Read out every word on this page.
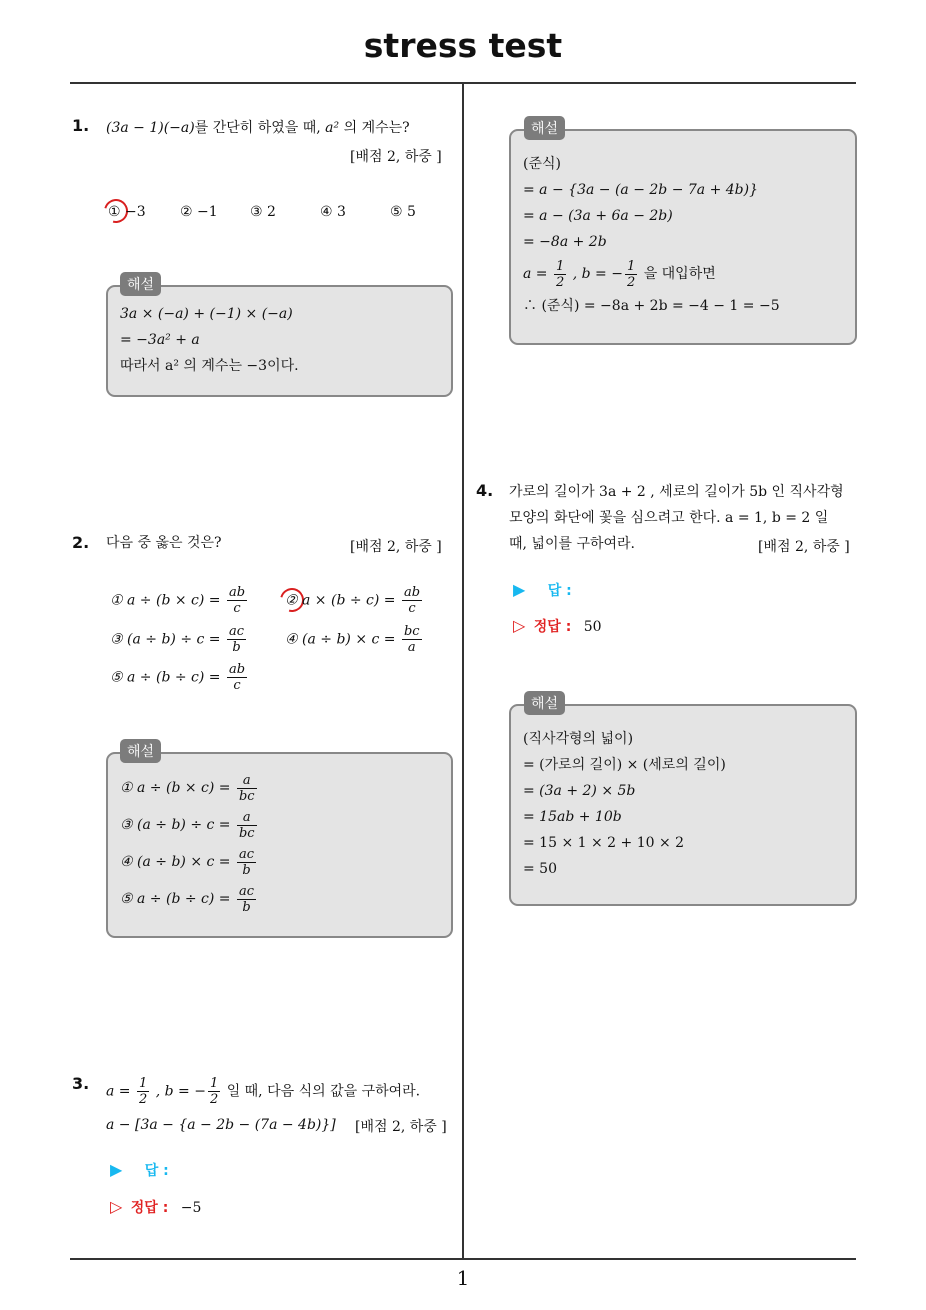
stress test
1
1. (3a − 1)(−a)를 간단히 하였을 때, a² 의 계수는?
[배점 2, 하중 ]
① −3 ② −1 ③ 2	④ 3	⑤ 5
3a × (−a) + (−1) × (−a)
= −3a² + a
따라서 a² 의 계수는 −3이다.
해설
2. 다음 중 옳은 것은?	[배점 2, 하중 ]
① $a \div (b \times c) = \frac{ab}{c}$	② $a \times (b \div c) = \frac{ab}{c}$
③ $(a \div b) \div c = \frac{ac}{b}$	④ $(a \div b) \times c = \frac{bc}{a}$
⑤ $a \div (b \div c) = \frac{ab}{c}$
① $a \div (b \times c) = \frac{a}{bc}$
③ $(a \div b) \div c = \frac{a}{bc}$
④ $(a \div b) \times c = \frac{ac}{b}$
⑤ $a \div (b \div c) = \frac{ac}{b}$
해설
3. $a = \frac{1}{2}$ , b = − $\frac{1}{2}$ 일 때, 다음 식의 값을 구하여라.
a − [3a − {a − 2b − (7a − 4b)}] [배점 2, 하중 ]
▶ 답 :
▷ 정답 : −5
(준식)
= a − {3a − (a − 2b − 7a + 4b)}
= a − (3a + 6a − 2b)
= −8a + 2b
$a = \frac{1}{2}$ , b = − $\frac{1}{2}$ 을 대입하면
∴ (준식) = −8a + 2b = −4 − 1 = −5
해설
4. 가로의 길이가 3a + 2 , 세로의 길이가 5b 인 직사각형
모양의 화단에 꽃을 심으려고 한다. a = 1, b = 2 일
때, 넓이를 구하여라.	[배점 2, 하중 ]
▶ 답 :
▷ 정답 : 50
(직사각형의 넓이)
= (가로의 길이) × (세로의 길이)
= (3a + 2) × 5b
= 15ab + 10b
= 15 × 1 × 2 + 10 × 2
= 50
해설
